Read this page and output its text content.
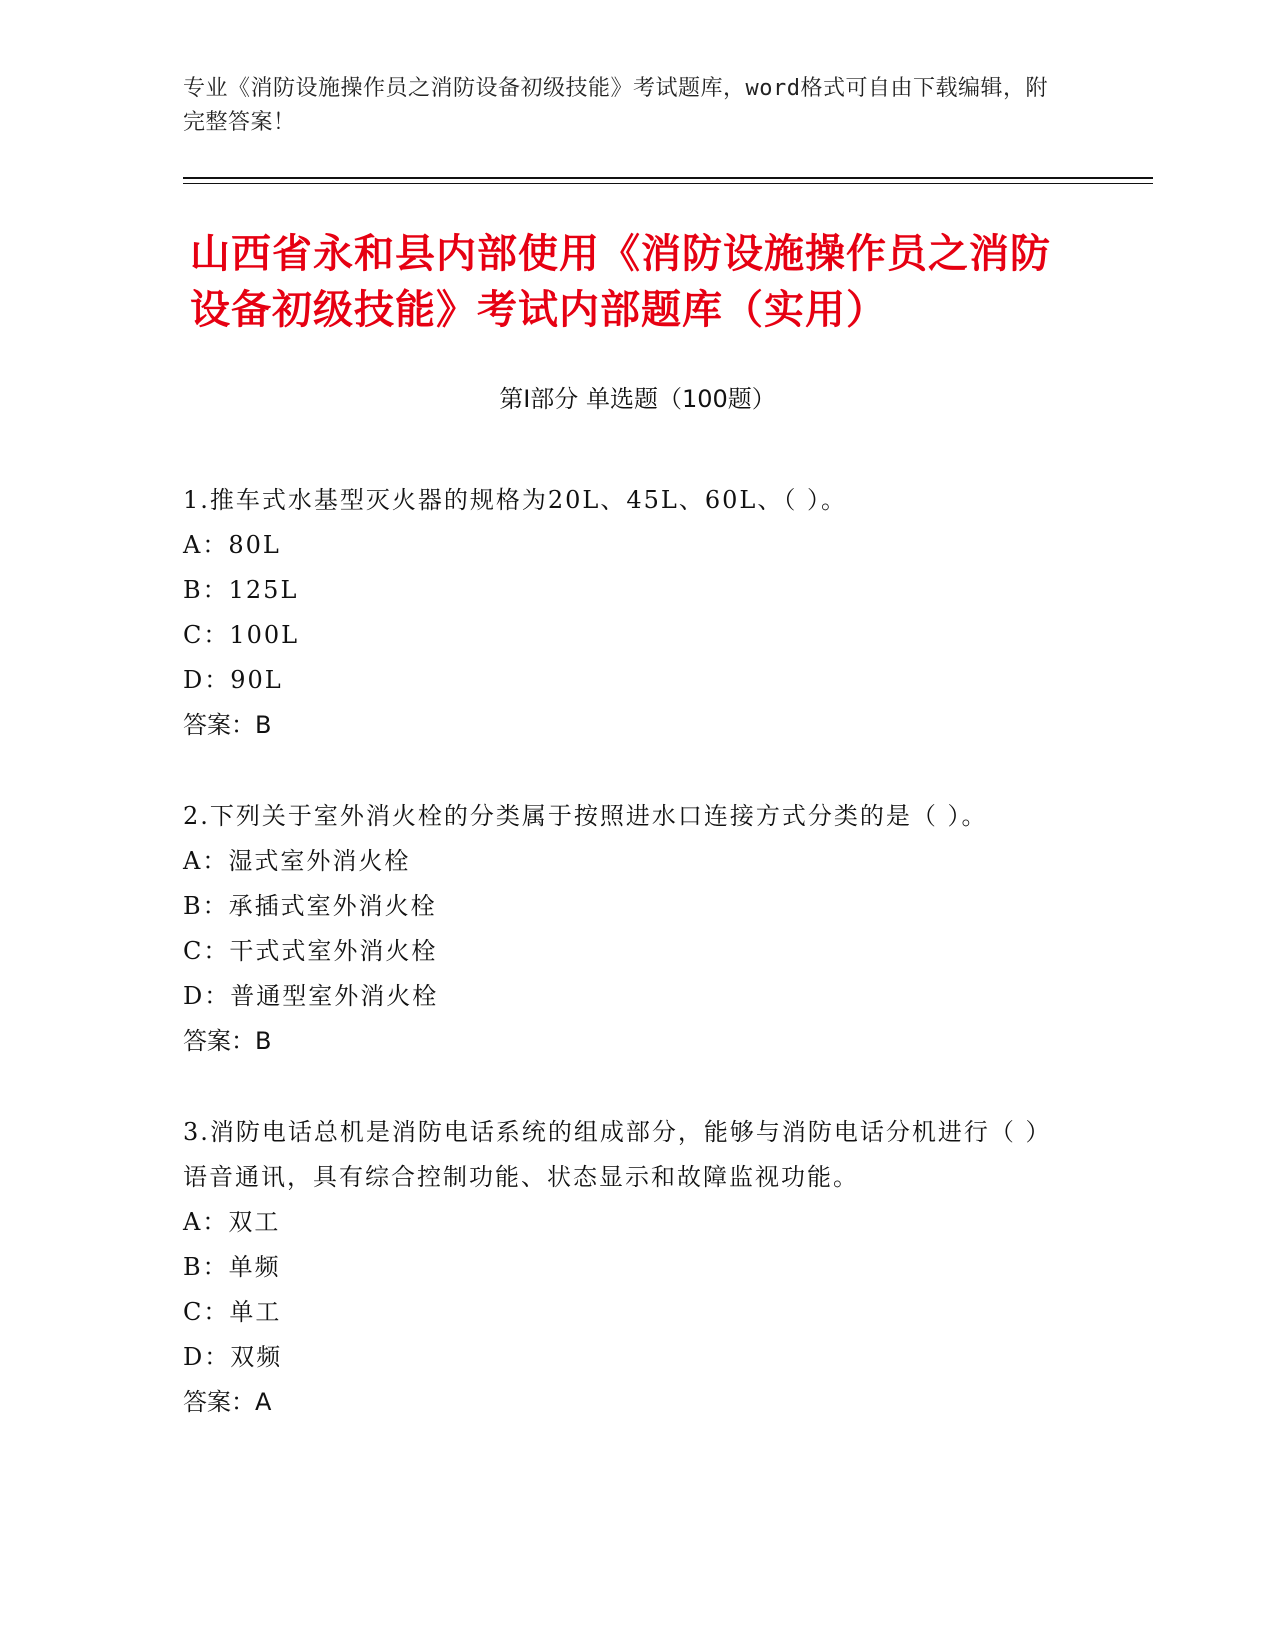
专业《消防设施操作员之消防设备初级技能》考试题库，word格式可自由下载编辑，附完整答案！
山西省永和县内部使用《消防设施操作员之消防设备初级技能》考试内部题库（实用）
第Ⅰ部分 单选题（100题）
1.推车式水基型灭火器的规格为20L、45L、60L、（ ）。
A：80L
B：125L
C：100L
D：90L
答案：B
2.下列关于室外消火栓的分类属于按照进水口连接方式分类的是（ ）。
A：湿式室外消火栓
B：承插式室外消火栓
C：干式式室外消火栓
D：普通型室外消火栓
答案：B
3.消防电话总机是消防电话系统的组成部分，能够与消防电话分机进行（ ）语音通讯，具有综合控制功能、状态显示和故障监视功能。
A：双工
B：单频
C：单工
D：双频
答案：A
